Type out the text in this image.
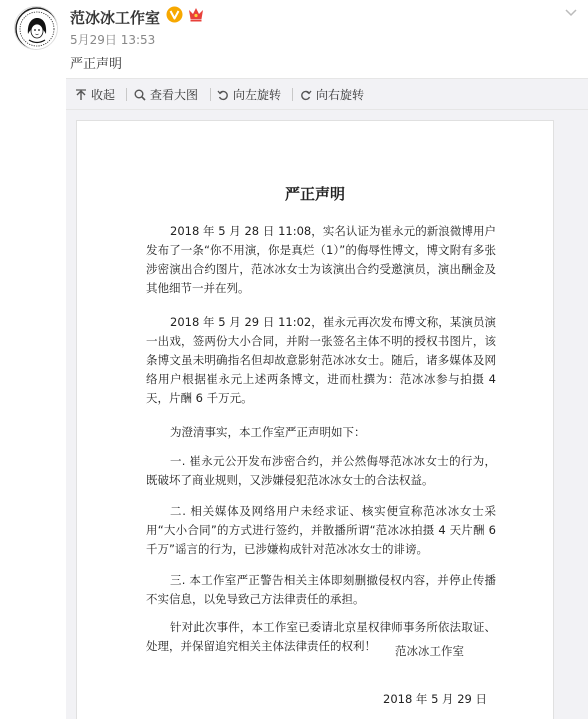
范冰冰工作室
5月29日 13:53
严正声明
收起	查看大图	向左旋转	向右旋转
严正声明
2018 年 5 月 28 日 11:08，实名认证为崔永元的新浪微博用户发布了一条“你不用演，你是真烂（1）”的侮辱性博文，博文附有多张涉密演出合约图片，范冰冰女士为该演出合约受邀演员，演出酬金及其他细节一并在列。
2018 年 5 月 29 日 11:02，崔永元再次发布博文称，某演员演一出戏，签两份大小合同，并附一张签名主体不明的授权书图片，该条博文虽未明确指名但却故意影射范冰冰女士。随后，诸多媒体及网络用户根据崔永元上述两条博文，进而杜撰为：范冰冰参与拍摄 4 天，片酬 6 千万元。
为澄清事实，本工作室严正声明如下：
一. 崔永元公开发布涉密合约，并公然侮辱范冰冰女士的行为，既破坏了商业规则，又涉嫌侵犯范冰冰女士的合法权益。
二. 相关媒体及网络用户未经求证、核实便宣称范冰冰女士采用“大小合同”的方式进行签约，并散播所谓“范冰冰拍摄 4 天片酬 6 千万”谣言的行为，已涉嫌构成针对范冰冰女士的诽谤。
三. 本工作室严正警告相关主体即刻删撤侵权内容，并停止传播不实信息，以免导致己方法律责任的承担。
针对此次事件，本工作室已委请北京星权律师事务所依法取证、处理，并保留追究相关主体法律责任的权利！	范冰冰工作室
2018 年 5 月 29 日
